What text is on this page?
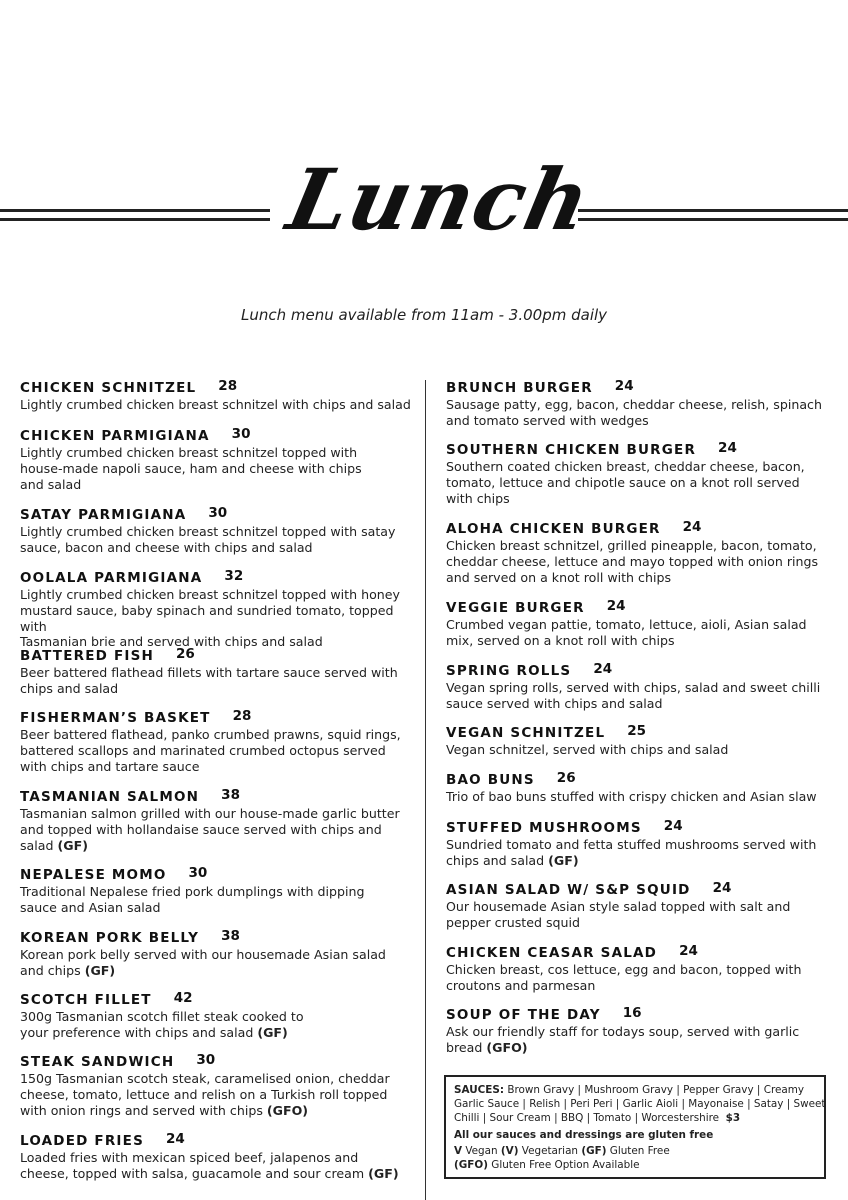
Lunch
Lunch menu available from 11am - 3.00pm daily
CHICKEN SCHNITZEL 28
Lightly crumbed chicken breast schnitzel with chips and salad
CHICKEN PARMIGIANA 30
Lightly crumbed chicken breast schnitzel topped with
house-made napoli sauce, ham and cheese with chips
and salad
SATAY PARMIGIANA 30
Lightly crumbed chicken breast schnitzel topped with satay
sauce, bacon and cheese with chips and salad
OOLALA PARMIGIANA 32
Lightly crumbed chicken breast schnitzel topped with honey
mustard sauce, baby spinach and sundried tomato, topped with
Tasmanian brie and served with chips and salad
BATTERED FISH 26
Beer battered flathead fillets with tartare sauce served with
chips and salad
FISHERMAN’S BASKET 28
Beer battered flathead, panko crumbed prawns, squid rings,
battered scallops and marinated crumbed octopus served
with chips and tartare sauce
TASMANIAN SALMON 38
Tasmanian salmon grilled with our house-made garlic butter
and topped with hollandaise sauce served with chips and
salad (GF)
NEPALESE MOMO 30
Traditional Nepalese fried pork dumplings with dipping
sauce and Asian salad
KOREAN PORK BELLY 38
Korean pork belly served with our housemade Asian salad
and chips (GF)
SCOTCH FILLET 42
300g Tasmanian scotch fillet steak cooked to
your preference with chips and salad (GF)
STEAK SANDWICH 30
150g Tasmanian scotch steak, caramelised onion, cheddar
cheese, tomato, lettuce and relish on a Turkish roll topped
with onion rings and served with chips (GFO)
LOADED FRIES 24
Loaded fries with mexican spiced beef, jalapenos and
cheese, topped with salsa, guacamole and sour cream (GF)
BRUNCH BURGER 24
Sausage patty, egg, bacon, cheddar cheese, relish, spinach
and tomato served with wedges
SOUTHERN CHICKEN BURGER 24
Southern coated chicken breast, cheddar cheese, bacon,
tomato, lettuce and chipotle sauce on a knot roll served
with chips
ALOHA CHICKEN BURGER 24
Chicken breast schnitzel, grilled pineapple, bacon, tomato,
cheddar cheese, lettuce and mayo topped with onion rings
and served on a knot roll with chips
VEGGIE BURGER 24
Crumbed vegan pattie, tomato, lettuce, aioli, Asian salad
mix, served on a knot roll with chips
SPRING ROLLS 24
Vegan spring rolls, served with chips, salad and sweet chilli
sauce served with chips and salad
VEGAN SCHNITZEL 25
Vegan schnitzel, served with chips and salad
BAO BUNS 26
Trio of bao buns stuffed with crispy chicken and Asian slaw
STUFFED MUSHROOMS 24
Sundried tomato and fetta stuffed mushrooms served with
chips and salad (GF)
ASIAN SALAD W/ S&P SQUID 24
Our housemade Asian style salad topped with salt and
pepper crusted squid
CHICKEN CEASAR SALAD 24
Chicken breast, cos lettuce, egg and bacon, topped with
croutons and parmesan
SOUP OF THE DAY 16
Ask our friendly staff for todays soup, served with garlic
bread (GFO)
SAUCES: Brown Gravy | Mushroom Gravy | Pepper Gravy | Creamy
Garlic Sauce | Relish | Peri Peri | Garlic Aioli | Mayonaise | Satay | Sweet
Chilli | Sour Cream | BBQ | Tomato | Worcestershire $3
All our sauces and dressings are gluten free
V Vegan (V) Vegetarian (GF) Gluten Free
(GFO) Gluten Free Option Available
